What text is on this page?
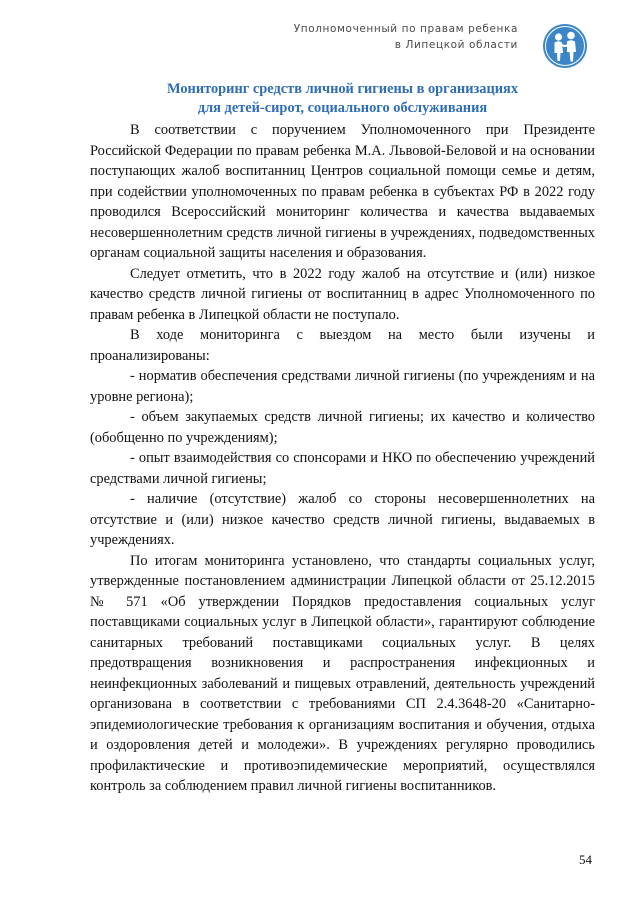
Уполномоченный по правам ребенка
в Липецкой области
Мониторинг средств личной гигиены в организациях
для детей-сирот, социального обслуживания

В соответствии с поручением Уполномоченного при Президенте Российской Федерации по правам ребенка М.А. Львовой-Беловой и на основании поступающих жалоб воспитанниц Центров социальной помощи семье и детям, при содействии уполномоченных по правам ребенка в субъектах РФ в 2022 году проводился Всероссийский мониторинг количества и качества выдаваемых несовершеннолетним средств личной гигиены в учреждениях, подведомственных органам социальной защиты населения и образования.

Следует отметить, что в 2022 году жалоб на отсутствие и (или) низкое качество средств личной гигиены от воспитанниц в адрес Уполномоченного по правам ребенка в Липецкой области не поступало.

В ходе мониторинга с выездом на место были изучены и проанализированы:

- норматив обеспечения средствами личной гигиены (по учреждениям и на уровне региона);

- объем закупаемых средств личной гигиены; их качество и количество (обобщенно по учреждениям);

- опыт взаимодействия со спонсорами и НКО по обеспечению учреждений средствами личной гигиены;

- наличие (отсутствие) жалоб со стороны несовершеннолетних на отсутствие и (или) низкое качество средств личной гигиены, выдаваемых в учреждениях.

По итогам мониторинга установлено, что стандарты социальных услуг, утвержденные постановлением администрации Липецкой области от 25.12.2015 № 571 «Об утверждении Порядков предоставления социальных услуг поставщиками социальных услуг в Липецкой области», гарантируют соблюдение санитарных требований поставщиками социальных услуг. В целях предотвращения возникновения и распространения инфекционных и неинфекционных заболеваний и пищевых отравлений, деятельность учреждений организована в соответствии с требованиями СП 2.4.3648-20 «Санитарно-эпидемиологические требования к организациям воспитания и обучения, отдыха и оздоровления детей и молодежи». В учреждениях регулярно проводились профилактические и противоэпидемические мероприятий, осуществлялся контроль за соблюдением правил личной гигиены воспитанников.

54
